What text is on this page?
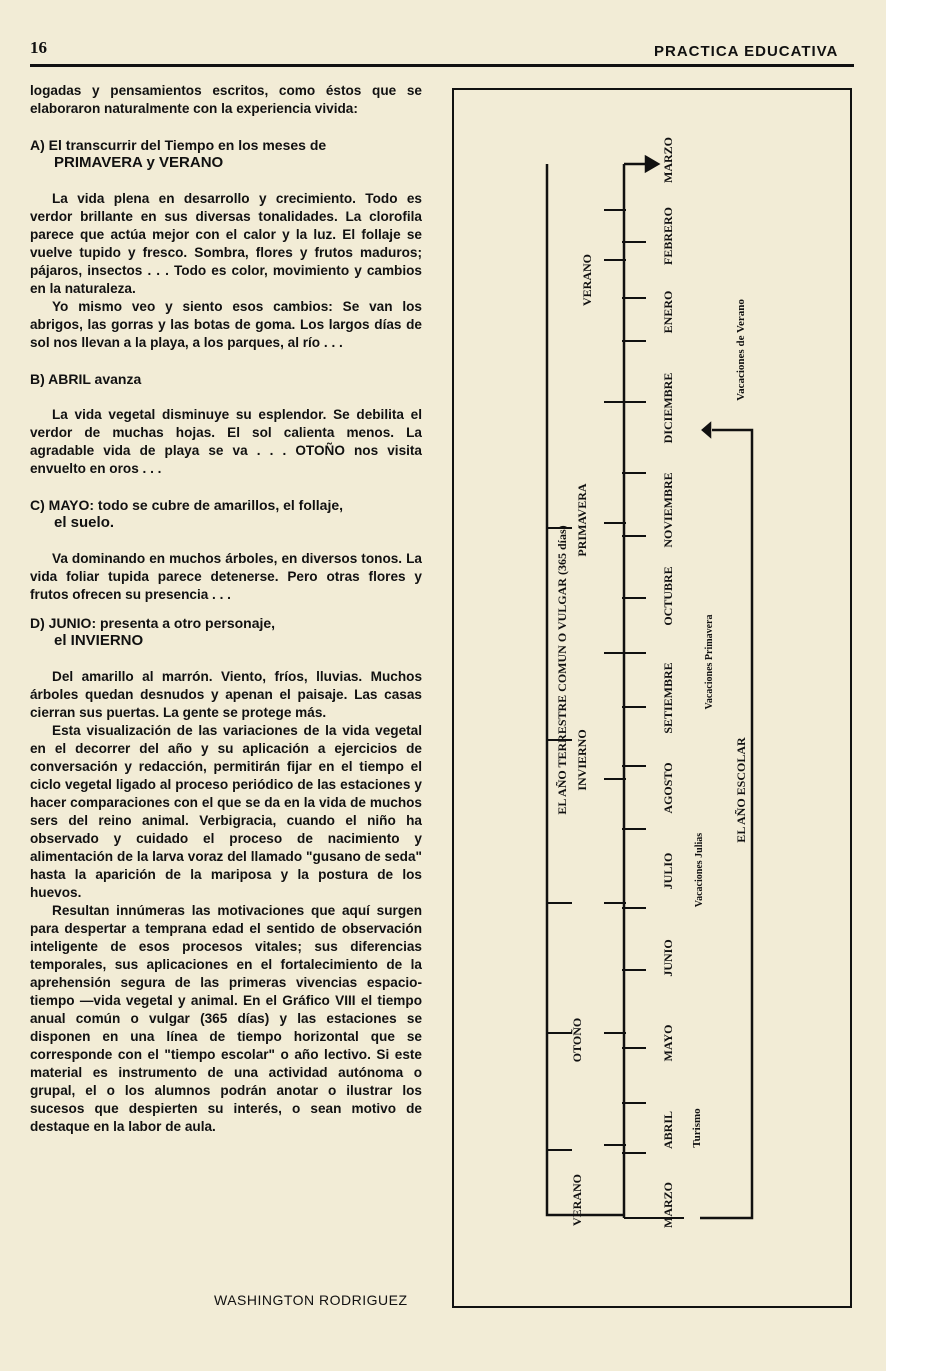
16	PRACTICA EDUCATIVA

logadas y pensamientos escritos, como éstos que se elaboraron naturalmente con la experiencia vivida:

A) El transcurrir del Tiempo en los meses de
PRIMAVERA y VERANO

La vida plena en desarrollo y crecimiento. Todo es verdor brillante en sus diversas tonalidades. La clorofila parece que actúa mejor con el calor y la luz. El follaje se vuelve tupido y fresco. Sombra, flores y frutos maduros; pájaros, insectos . . . Todo es color, movimiento y cambios en la naturaleza.

Yo mismo veo y siento esos cambios: Se van los abrigos, las gorras y las botas de goma. Los largos días de sol nos llevan a la playa, a los parques, al río . . .

B) ABRIL avanza

La vida vegetal disminuye su esplendor. Se debilita el verdor de muchas hojas. El sol calienta menos. La agradable vida de playa se va . . . OTOÑO nos visita envuelto en oros . . .

C) MAYO: todo se cubre de amarillos, el follaje,
el suelo.

Va dominando en muchos árboles, en diversos tonos. La vida foliar tupida parece detenerse. Pero otras flores y frutos ofrecen su presencia . . .

D) JUNIO: presenta a otro personaje,
el INVIERNO

Del amarillo al marrón. Viento, fríos, lluvias. Muchos árboles quedan desnudos y apenan el paisaje. Las casas cierran sus puertas. La gente se protege más.

Esta visualización de las variaciones de la vida vegetal en el decorrer del año y su aplicación a ejercicios de conversación y redacción, permitirán fijar en el tiempo el ciclo vegetal ligado al proceso periódico de las estaciones y hacer comparaciones con el que se da en la vida de muchos sers del reino animal. Verbigracia, cuando el niño ha observado y cuidado el proceso de nacimiento y alimentación de la larva voraz del llamado "gusano de seda" hasta la aparición de la mariposa y la postura de los huevos.

Resultan innúmeras las motivaciones que aquí surgen para despertar a temprana edad el sentido de observación inteligente de esos procesos vitales; sus diferencias temporales, sus aplicaciones en el fortalecimiento de la aprehensión segura de las primeras vivencias espacio-tiempo —vida vegetal y animal. En el Gráfico VIII el tiempo anual común o vulgar (365 días) y las estaciones se disponen en una línea de tiempo horizontal que se corresponde con el "tiempo escolar" o año lectivo. Si este material es instrumento de una actividad autónoma o grupal, el o los alumnos podrán anotar o ilustrar los sucesos que despierten su interés, o sean motivo de destaque en la labor de aula.

WASHINGTON RODRIGUEZ
EL AÑO TERRESTRE COMUN O VULGAR (365 días)	EL AÑO ESCOLAR
VERANO
OTOÑO
INVIERNO
PRIMAVERA
VERANO
MARZO
ABRIL
MAYO
JUNIO
JULIO
AGOSTO
SETIEMBRE
OCTUBRE
NOVIEMBRE
DICIEMBRE
ENERO
FEBRERO
MARZO
Turismo
Vacaciones Julias
Vacaciones Primavera
Vacaciones de Verano
